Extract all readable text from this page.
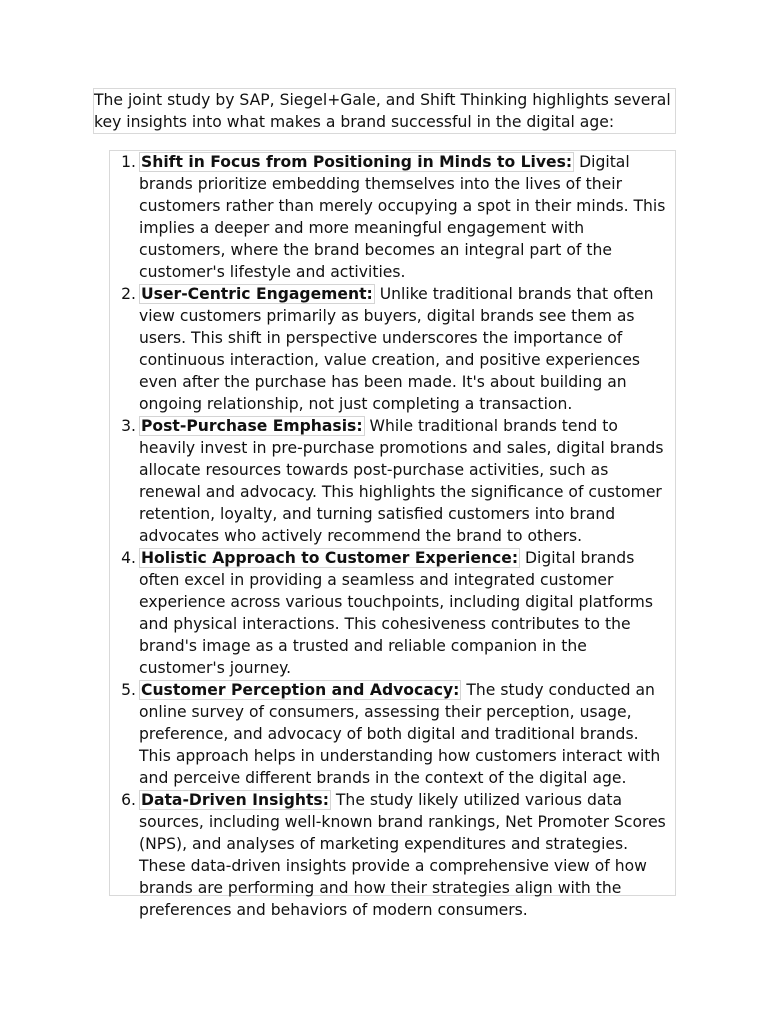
The joint study by SAP, Siegel+Gale, and Shift Thinking highlights several key insights into what makes a brand successful in the digital age:
1. Shift in Focus from Positioning in Minds to Lives: Digital brands prioritize embedding themselves into the lives of their customers rather than merely occupying a spot in their minds. This implies a deeper and more meaningful engagement with customers, where the brand becomes an integral part of the customer's lifestyle and activities.
2. User-Centric Engagement: Unlike traditional brands that often view customers primarily as buyers, digital brands see them as users. This shift in perspective underscores the importance of continuous interaction, value creation, and positive experiences even after the purchase has been made. It's about building an ongoing relationship, not just completing a transaction.
3. Post-Purchase Emphasis: While traditional brands tend to heavily invest in pre-purchase promotions and sales, digital brands allocate resources towards post-purchase activities, such as renewal and advocacy. This highlights the significance of customer retention, loyalty, and turning satisfied customers into brand advocates who actively recommend the brand to others.
4. Holistic Approach to Customer Experience: Digital brands often excel in providing a seamless and integrated customer experience across various touchpoints, including digital platforms and physical interactions. This cohesiveness contributes to the brand's image as a trusted and reliable companion in the customer's journey.
5. Customer Perception and Advocacy: The study conducted an online survey of consumers, assessing their perception, usage, preference, and advocacy of both digital and traditional brands. This approach helps in understanding how customers interact with and perceive different brands in the context of the digital age.
6. Data-Driven Insights: The study likely utilized various data sources, including well-known brand rankings, Net Promoter Scores (NPS), and analyses of marketing expenditures and strategies. These data-driven insights provide a comprehensive view of how brands are performing and how their strategies align with the preferences and behaviors of modern consumers.
